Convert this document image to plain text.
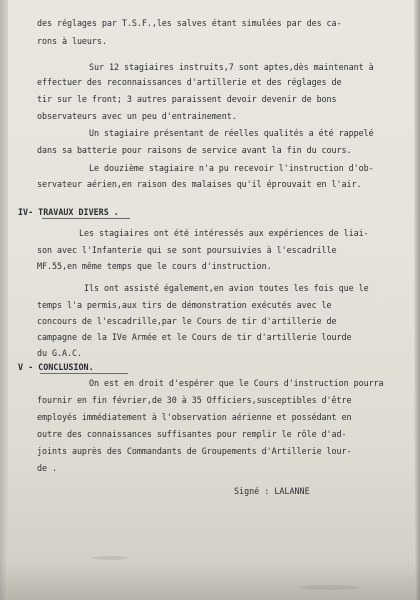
des réglages par T.S.F.,les salves étant simulées par des ca-
rons à lueurs.
Sur 12 stagiaires instruits,7 sont aptes,dès maintenant à
effectuer des reconnaissances d'artillerie et des réglages de
tir sur le front; 3 autres paraissent devoir devenir de bons
observateurs avec un peu d'entrainement.
Un stagiaire présentant de réelles qualités a été rappelé
dans sa batterie pour raisons de service avant la fin du cours.
Le douzième stagiaire n'a pu recevoir l'instruction d'ob-
servateur aérien,en raison des malaises qu'il éprouvait en l'air.
IV- TRAVAUX DIVERS .
Les stagiaires ont été intéressés aux expériences de liai-
son avec l'Infanterie qui se sont poursuivies à l'escadrille
MF.55,en même temps que le cours d'instruction.
Ils ont assisté également,en avion toutes les fois que le
temps l'a permis,aux tirs de démonstration exécutés avec le
concours de l'escadrille,par le Cours de tir d'artillerie de
campagne de la IVe Armée et le Cours de tir d'artillerie lourde
du G.A.C.
V - CONCLUSION.
On est en droit d'espérer que le Cours d'instruction pourra
fournir en fin février,de 30 à 35 Officiers,susceptibles d'être
employés immédiatement à l'observation aérienne et possédant en
outre des connaissances suffisantes pour remplir le rôle d'ad-
joints auprès des Commandants de Groupements d'Artillerie lour-
de .
Signé : LALANNE
